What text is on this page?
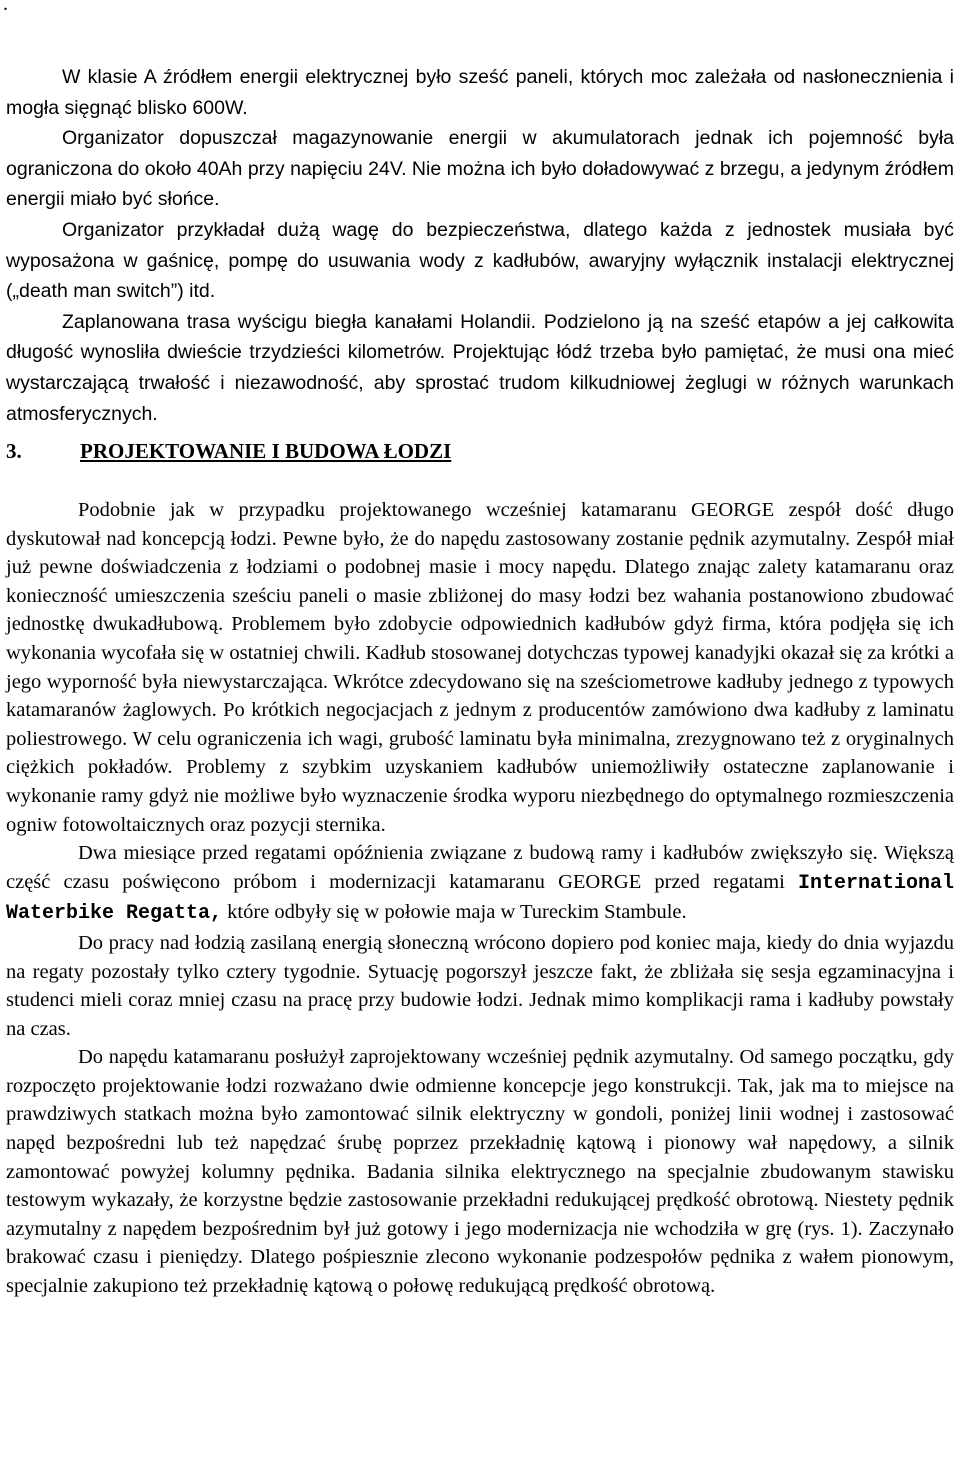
.

W klasie A źródłem energii elektrycznej było sześć paneli, których moc zależała od nasłonecznienia i mogła sięgnąć blisko 600W.

Organizator dopuszczał magazynowanie energii w akumulatorach jednak ich pojemność była ograniczona do około 40Ah przy napięciu 24V. Nie można ich było doładowywać z brzegu, a jedynym źródłem energii miało być słońce.

Organizator przykładał dużą wagę do bezpieczeństwa, dlatego każda z jednostek musiała być wyposażona w gaśnicę, pompę do usuwania wody z kadłubów, awaryjny wyłącznik instalacji elektrycznej („death man switch”) itd.

Zaplanowana trasa wyścigu biegła kanałami Holandii. Podzielono ją na sześć etapów a jej całkowita długość wynosliła dwieście trzydzieści kilometrów. Projektując łódź trzeba było pamiętać, że musi ona mieć wystarczającą trwałość i niezawodność, aby sprostać trudom kilkudniowej żeglugi w różnych warunkach atmosferycznych.

3.	PROJEKTOWANIE I BUDOWA ŁODZI

Podobnie jak w przypadku projektowanego wcześniej katamaranu GEORGE zespół dość długo dyskutował nad koncepcją łodzi. Pewne było, że do napędu zastosowany zostanie pędnik azymutalny. Zespół miał już pewne doświadczenia z łodziami o podobnej masie i mocy napędu. Dlatego znając zalety katamaranu oraz konieczność umieszczenia sześciu paneli o masie zbliżonej do masy łodzi bez wahania postanowiono zbudować jednostkę dwukadłubową. Problemem było zdobycie odpowiednich kadłubów gdyż firma, która podjęła się ich wykonania wycofała się w ostatniej chwili. Kadłub stosowanej dotychczas typowej kanadyjki okazał się za krótki a jego wyporność była niewystarczająca. Wkrótce zdecydowano się na sześciometrowe kadłuby jednego z typowych katamaranów żaglowych. Po krótkich negocjacjach z jednym z producentów zamówiono dwa kadłuby z laminatu poliestrowego. W celu ograniczenia ich wagi, grubość laminatu była minimalna, zrezygnowano też z oryginalnych ciężkich pokładów. Problemy z szybkim uzyskaniem kadłubów uniemożliwiły ostateczne zaplanowanie i wykonanie ramy gdyż nie możliwe było wyznaczenie środka wyporu niezbędnego do optymalnego rozmieszczenia ogniw fotowoltaicznych oraz pozycji sternika.

Dwa miesiące przed regatami opóźnienia związane z budową ramy i kadłubów zwiększyło się. Większą część czasu poświęcono próbom i modernizacji katamaranu GEORGE przed regatami International Waterbike Regatta, które odbyły się w połowie maja w Tureckim Stambule.

Do pracy nad łodzią zasilaną energią słoneczną wrócono dopiero pod koniec maja, kiedy do dnia wyjazdu na regaty pozostały tylko cztery tygodnie. Sytuację pogorszył jeszcze fakt, że zbliżała się sesja egzaminacyjna i studenci mieli coraz mniej czasu na pracę przy budowie łodzi. Jednak mimo komplikacji rama i kadłuby powstały na czas.

Do napędu katamaranu posłużył zaprojektowany wcześniej pędnik azymutalny. Od samego początku, gdy rozpoczęto projektowanie łodzi rozważano dwie odmienne koncepcje jego konstrukcji. Tak, jak ma to miejsce na prawdziwych statkach można było zamontować silnik elektryczny w gondoli, poniżej linii wodnej i zastosować napęd bezpośredni lub też napędzać śrubę poprzez przekładnię kątową i pionowy wał napędowy, a silnik zamontować powyżej kolumny pędnika. Badania silnika elektrycznego na specjalnie zbudowanym stawisku testowym wykazały, że korzystne będzie zastosowanie przekładni redukującej prędkość obrotową. Niestety pędnik azymutalny z napędem bezpośrednim był już gotowy i jego modernizacja nie wchodziła w grę (rys. 1). Zaczynało brakować czasu i pieniędzy. Dlatego pośpiesznie zlecono wykonanie podzespołów pędnika z wałem pionowym, specjalnie zakupiono też przekładnię kątową o połowę redukującą prędkość obrotową.
